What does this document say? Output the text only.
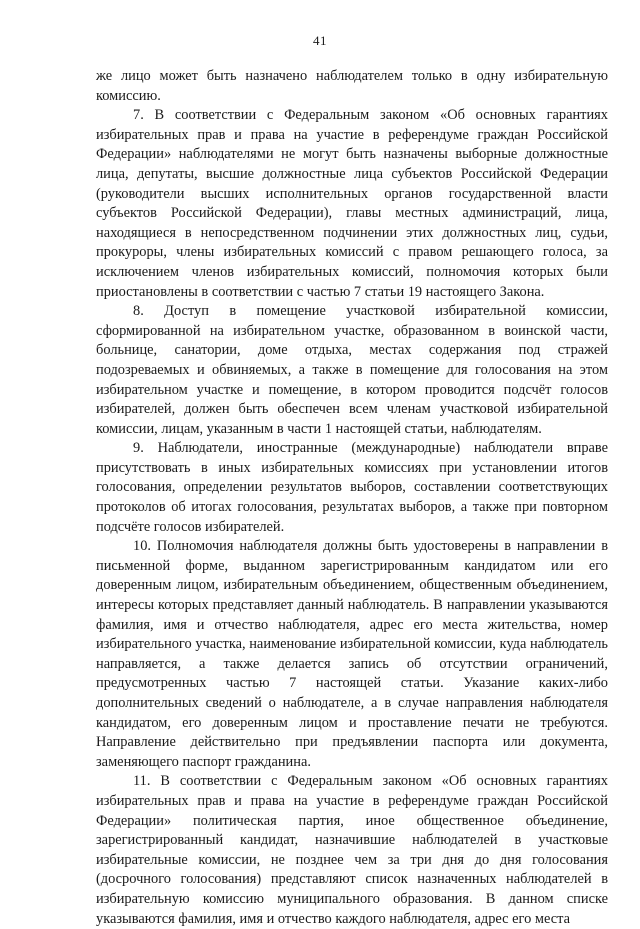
41

же лицо может быть назначено наблюдателем только в одну избирательную комиссию.

7. В соответствии с Федеральным законом «Об основных гарантиях избирательных прав и права на участие в референдуме граждан Российской Федерации» наблюдателями не могут быть назначены выборные должностные лица, депутаты, высшие должностные лица субъектов Российской Федерации (руководители высших исполнительных органов государственной власти субъектов Российской Федерации), главы местных администраций, лица, находящиеся в непосредственном подчинении этих должностных лиц, судьи, прокуроры, члены избирательных комиссий с правом решающего голоса, за исключением членов избирательных комиссий, полномочия которых были приостановлены в соответствии с частью 7 статьи 19 настоящего Закона.

8. Доступ в помещение участковой избирательной комиссии, сформированной на избирательном участке, образованном в воинской части, больнице, санатории, доме отдыха, местах содержания под стражей подозреваемых и обвиняемых, а также в помещение для голосования на этом избирательном участке и помещение, в котором проводится подсчёт голосов избирателей, должен быть обеспечен всем членам участковой избирательной комиссии, лицам, указанным в части 1 настоящей статьи, наблюдателям.

9. Наблюдатели, иностранные (международные) наблюдатели вправе присутствовать в иных избирательных комиссиях при установлении итогов голосования, определении результатов выборов, составлении соответствующих протоколов об итогах голосования, результатах выборов, а также при повторном подсчёте голосов избирателей.

10. Полномочия наблюдателя должны быть удостоверены в направлении в письменной форме, выданном зарегистрированным кандидатом или его доверенным лицом, избирательным объединением, общественным объединением, интересы которых представляет данный наблюдатель. В направлении указываются фамилия, имя и отчество наблюдателя, адрес его места жительства, номер избирательного участка, наименование избирательной комиссии, куда наблюдатель направляется, а также делается запись об отсутствии ограничений, предусмотренных частью 7 настоящей статьи. Указание каких-либо дополнительных сведений о наблюдателе, а в случае направления наблюдателя кандидатом, его доверенным лицом и проставление печати не требуются. Направление действительно при предъявлении паспорта или документа, заменяющего паспорт гражданина.

11. В соответствии с Федеральным законом «Об основных гарантиях избирательных прав и права на участие в референдуме граждан Российской Федерации» политическая партия, иное общественное объединение, зарегистрированный кандидат, назначившие наблюдателей в участковые избирательные комиссии, не позднее чем за три дня до дня голосования (досрочного голосования) представляют список назначенных наблюдателей в избирательную комиссию муниципального образования. В данном списке указываются фамилия, имя и отчество каждого наблюдателя, адрес его места
